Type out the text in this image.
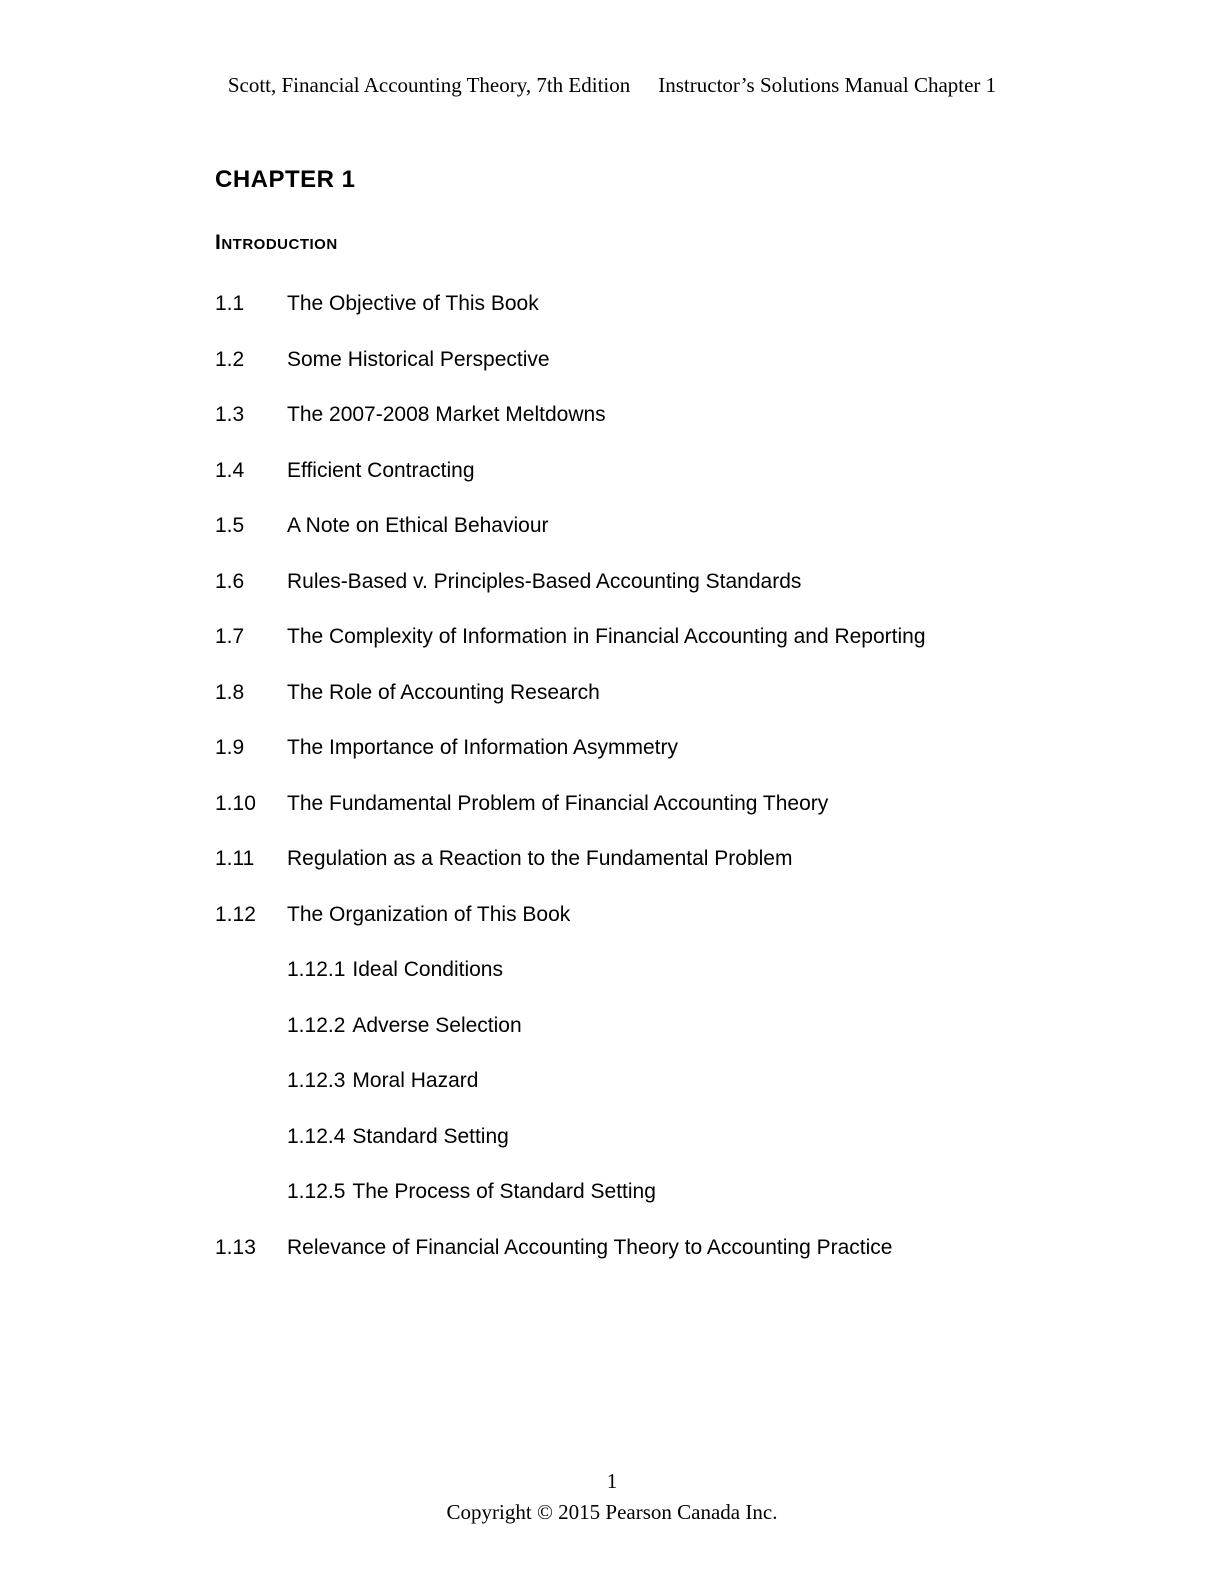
Scott, Financial Accounting Theory, 7th Edition Instructor’s Solutions Manual Chapter 1
CHAPTER 1
Introduction
1.1	The Objective of This Book
1.2	Some Historical Perspective
1.3	The 2007-2008 Market Meltdowns
1.4	Efficient Contracting
1.5	A Note on Ethical Behaviour
1.6	Rules-Based v. Principles-Based Accounting Standards
1.7	The Complexity of Information in Financial Accounting and Reporting
1.8	The Role of Accounting Research
1.9	The Importance of Information Asymmetry
1.10	The Fundamental Problem of Financial Accounting Theory
1.11	Regulation as a Reaction to the Fundamental Problem
1.12	The Organization of This Book
1.12.1 Ideal Conditions
1.12.2 Adverse Selection
1.12.3 Moral Hazard
1.12.4 Standard Setting
1.12.5 The Process of Standard Setting
1.13	Relevance of Financial Accounting Theory to Accounting Practice
1
Copyright © 2015 Pearson Canada Inc.
